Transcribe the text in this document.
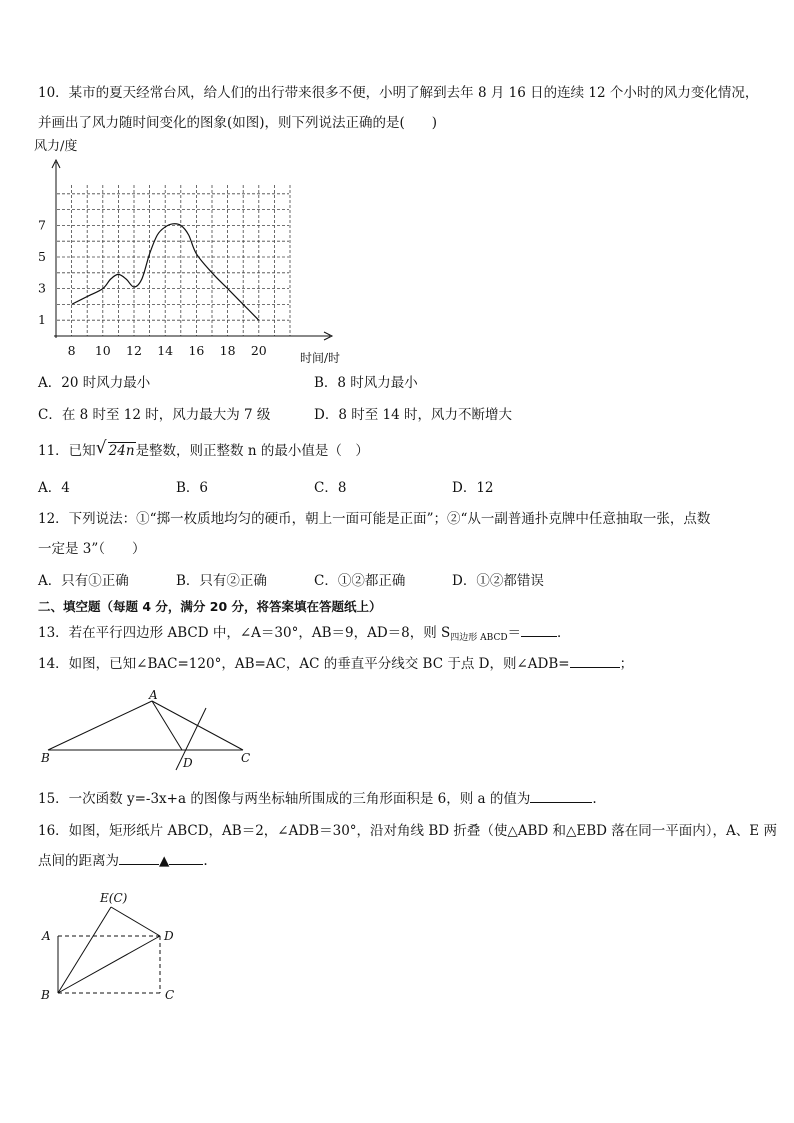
10．某市的夏天经常台风，给人们的出行带来很多不便，小明了解到去年 8 月 16 日的连续 12 个小时的风力变化情况，
并画出了风力随时间变化的图象(如图)，则下列说法正确的是(　　)
8 10 12 14 16 18 20
1
3
5
7
风力/度
时间/时
A．20 时风力最小	B．8 时风力最小
C．在 8 时至 12 时，风力最大为 7 级	D．8 时至 14 时，风力不断增大
11．已知 √ 24n是整数，则正整数 n 的最小值是（　）
A．4	B．6	C．8	D．12
12．下列说法：①“掷一枚质地均匀的硬币，朝上一面可能是正面”；②“从一副普通扑克牌中任意抽取一张，点数
一定是 3”（　　）
A．只有①正确	B．只有②正确	C．①②都正确	D．①②都错误
二、填空题（每题 4 分，满分 20 分，将答案填在答题纸上）
13．若在平行四边形 ABCD 中，∠A＝30°，AB＝9，AD＝8，则 $S_{四边形 ABCD}=$	．
14．如图，已知∠BAC=120°，AB=AC，AC 的垂直平分线交 BC 于点 D，则∠ADB=	；
A
B	C
D
15．一次函数 y=-3x+a 的图像与两坐标轴所围成的三角形面积是 6，则 a 的值为	.
16．如图，矩形纸片 ABCD，AB＝2，∠ADB＝30°，沿对角线 BD 折叠（使△ABD 和△EBD 落在同一平面内），A、E 两
点间的距离为	▲	.
E(C)
A	D
B	C
